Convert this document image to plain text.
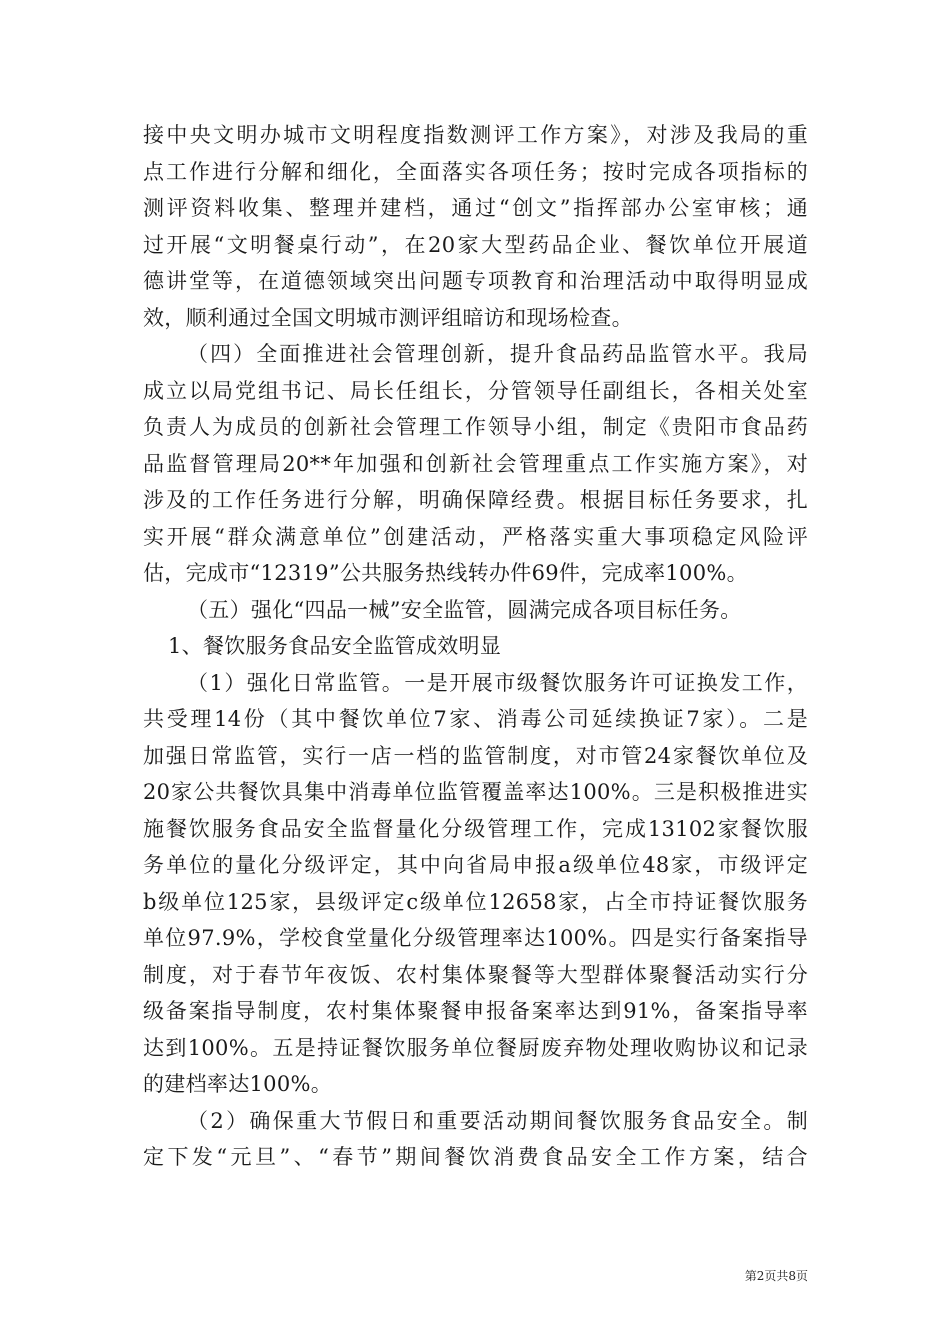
接中央文明办城市文明程度指数测评工作方案》，对涉及我局的重
点工作进行分解和细化，全面落实各项任务；按时完成各项指标的
测评资料收集、整理并建档，通过“创文”指挥部办公室审核；通
过开展“文明餐桌行动”，在20家大型药品企业、餐饮单位开展道
德讲堂等，在道德领域突出问题专项教育和治理活动中取得明显成
效，顺利通过全国文明城市测评组暗访和现场检查。
（四）全面推进社会管理创新，提升食品药品监管水平。我局
成立以局党组书记、局长任组长，分管领导任副组长，各相关处室
负责人为成员的创新社会管理工作领导小组，制定《贵阳市食品药
品监督管理局20**年加强和创新社会管理重点工作实施方案》，对
涉及的工作任务进行分解，明确保障经费。根据目标任务要求，扎
实开展“群众满意单位”创建活动，严格落实重大事项稳定风险评
估，完成市“12319”公共服务热线转办件69件，完成率100%。
（五）强化“四品一械”安全监管，圆满完成各项目标任务。
1、餐饮服务食品安全监管成效明显
（1）强化日常监管。一是开展市级餐饮服务许可证换发工作，
共受理14份（其中餐饮单位7家、消毒公司延续换证7家）。二是
加强日常监管，实行一店一档的监管制度，对市管24家餐饮单位及
20家公共餐饮具集中消毒单位监管覆盖率达100%。三是积极推进实
施餐饮服务食品安全监督量化分级管理工作，完成13102家餐饮服
务单位的量化分级评定，其中向省局申报a级单位48家，市级评定
b级单位125家，县级评定c级单位12658家，占全市持证餐饮服务
单位97.9%，学校食堂量化分级管理率达100%。四是实行备案指导
制度，对于春节年夜饭、农村集体聚餐等大型群体聚餐活动实行分
级备案指导制度，农村集体聚餐申报备案率达到91%，备案指导率
达到100%。五是持证餐饮服务单位餐厨废弃物处理收购协议和记录
的建档率达100%。
（2）确保重大节假日和重要活动期间餐饮服务食品安全。制
定下发“元旦”、“春节”期间餐饮消费食品安全工作方案，结合
第2页共8页
